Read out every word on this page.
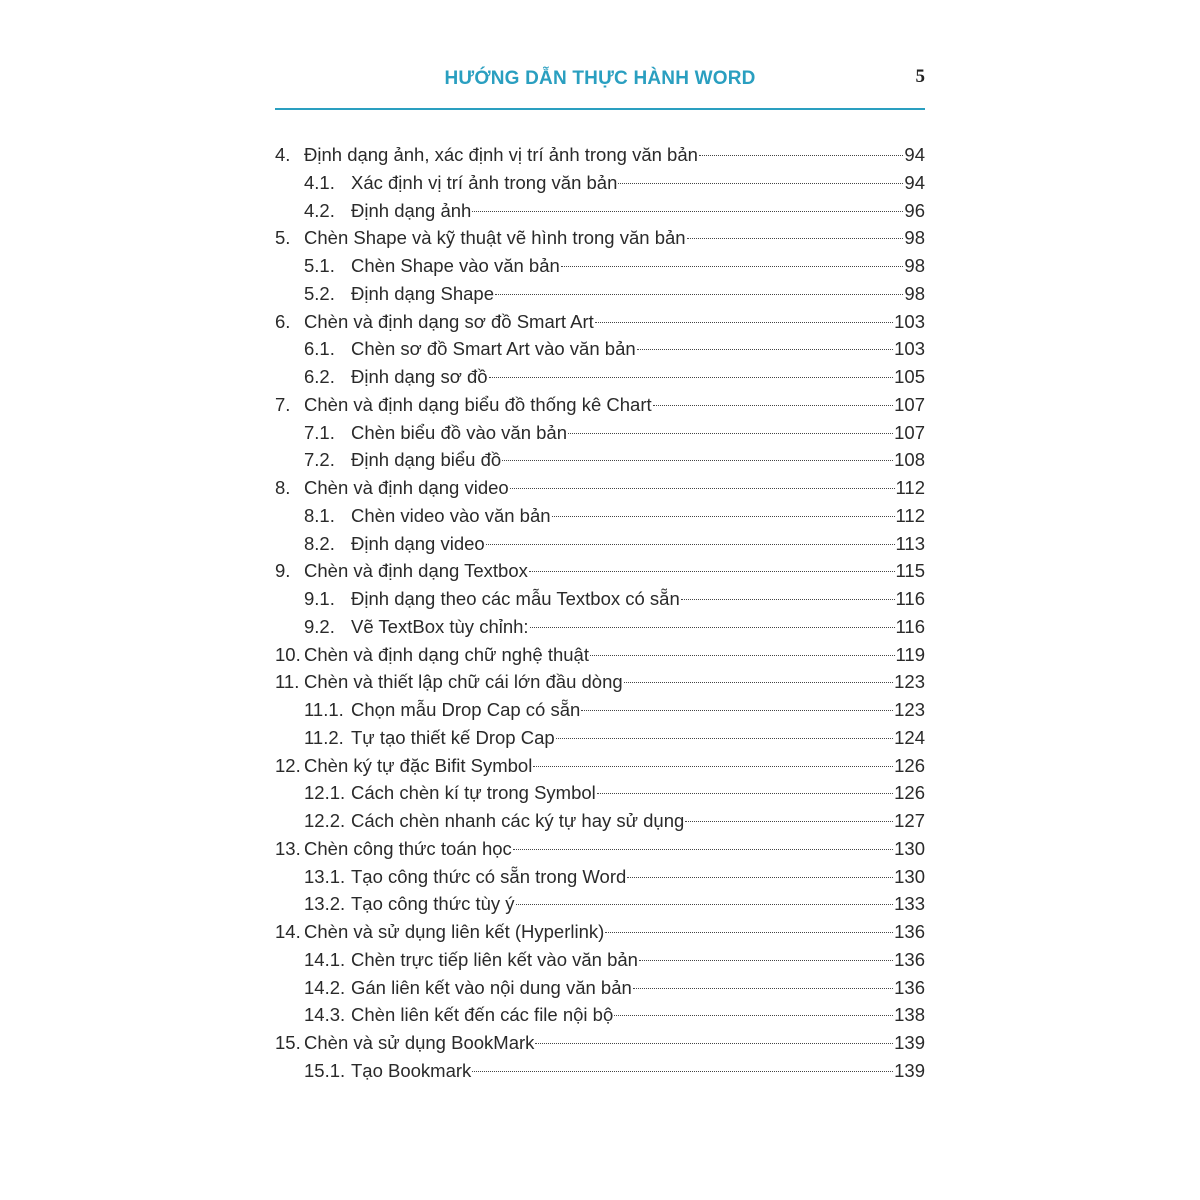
HƯỚNG DẪN THỰC HÀNH WORD	5
4. Định dạng ảnh, xác định vị trí ảnh trong văn bản	94
4.1. Xác định vị trí ảnh trong văn bản	94
4.2. Định dạng ảnh	96
5. Chèn Shape và kỹ thuật vẽ hình trong văn bản	98
5.1. Chèn Shape vào văn bản	98
5.2. Định dạng Shape	98
6. Chèn và định dạng sơ đồ Smart Art	103
6.1. Chèn sơ đồ Smart Art vào văn bản	103
6.2. Định dạng sơ đồ	105
7. Chèn và định dạng biểu đồ thống kê Chart	107
7.1. Chèn biểu đồ vào văn bản	107
7.2. Định dạng biểu đồ	108
8. Chèn và định dạng video	112
8.1. Chèn video vào văn bản	112
8.2. Định dạng video	113
9. Chèn và định dạng Textbox	115
9.1. Định dạng theo các mẫu Textbox có sẵn	116
9.2. Vẽ TextBox tùy chỉnh:	116
10. Chèn và định dạng chữ nghệ thuật	119
11. Chèn và thiết lập chữ cái lớn đầu dòng	123
11.1. Chọn mẫu Drop Cap có sẵn	123
11.2. Tự tạo thiết kế Drop Cap	124
12. Chèn ký tự đặc Bifit Symbol	126
12.1. Cách chèn kí tự trong Symbol	126
12.2. Cách chèn nhanh các ký tự hay sử dụng	127
13. Chèn công thức toán học	130
13.1. Tạo công thức có sẵn trong Word	130
13.2. Tạo công thức tùy ý	133
14. Chèn và sử dụng liên kết (Hyperlink)	136
14.1. Chèn trực tiếp liên kết vào văn bản	136
14.2. Gán liên kết vào nội dung văn bản	136
14.3. Chèn liên kết đến các file nội bộ	138
15. Chèn và sử dụng BookMark	139
15.1. Tạo Bookmark	139
